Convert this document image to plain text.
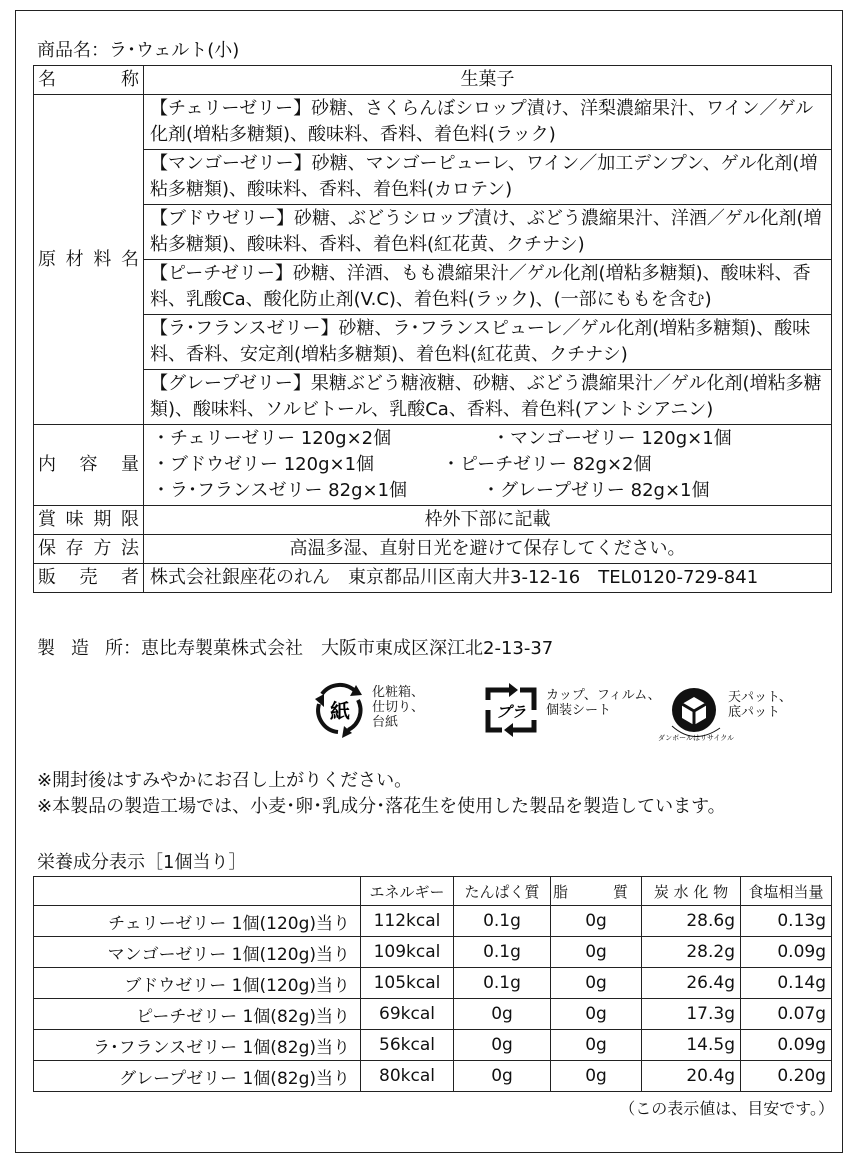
商品名：ラ･ウェルト(小)
名　称	生菓子
原材料名	【チェリーゼリー】砂糖、さくらんぼシロップ漬け、洋梨濃縮果汁、ワイン／ゲル化剤(増粘多糖類)、酸味料、香料、着色料(ラック)
	【マンゴーゼリー】砂糖、マンゴーピューレ、ワイン／加工デンプン、ゲル化剤(増粘多糖類)、酸味料、香料、着色料(カロテン)
	【ブドウゼリー】砂糖、ぶどうシロップ漬け、ぶどう濃縮果汁、洋酒／ゲル化剤(増粘多糖類)、酸味料、香料、着色料(紅花黄、クチナシ)
	【ピーチゼリー】砂糖、洋酒、もも濃縮果汁／ゲル化剤(増粘多糖類)、酸味料、香料、乳酸Ca、酸化防止剤(V.C)、着色料(ラック)、(一部にももを含む)
	【ラ･フランスゼリー】砂糖、ラ･フランスピューレ／ゲル化剤(増粘多糖類)、酸味料、香料、安定剤(増粘多糖類)、着色料(紅花黄、クチナシ)
	【グレープゼリー】果糖ぶどう糖液糖、砂糖、ぶどう濃縮果汁／ゲル化剤(増粘多糖類)、酸味料、ソルビトール、乳酸Ca、香料、着色料(アントシアニン)
内 容 量	・チェリーゼリー 120g×2個 ・マンゴーゼリー 120g×1個
・ブドウゼリー 120g×1個 ・ピーチゼリー 82g×2個
・ラ･フランスゼリー 82g×1個 ・グレープゼリー 82g×1個

賞味期限	枠外下部に記載
保存方法	高温多湿、直射日光を避けて保存してください。
販 売 者	株式会社銀座花のれん　東京都品川区南大井3-12-16　TEL0120-729-841
製 造 所：恵比寿製菓株式会社　大阪市東成区深江北2-13-37
紙
化粧箱、
仕切り、
台紙
プラ
カップ、フィルム、
個装シート
ダンボールはリサイクル
天パット、
底パット
※開封後はすみやかにお召し上がりください。
※本製品の製造工場では、小麦･卵･乳成分･落花生を使用した製品を製造しています。
栄養成分表示［1個当り］
	エネルギー	たんぱく質	脂　　　質	炭 水 化 物	食塩相当量
チェリーゼリー 1個(120g)当り	112kcal	0.1g	0g	28.6g	0.13g
マンゴーゼリー 1個(120g)当り	109kcal	0.1g	0g	28.2g	0.09g
ブドウゼリー 1個(120g)当り	105kcal	0.1g	0g	26.4g	0.14g
ピーチゼリー 1個(82g)当り	69kcal	0g	0g	17.3g	0.07g
ラ･フランスゼリー 1個(82g)当り	56kcal	0g	0g	14.5g	0.09g
グレープゼリー 1個(82g)当り	80kcal	0g	0g	20.4g	0.20g
（この表示値は、目安です。）
